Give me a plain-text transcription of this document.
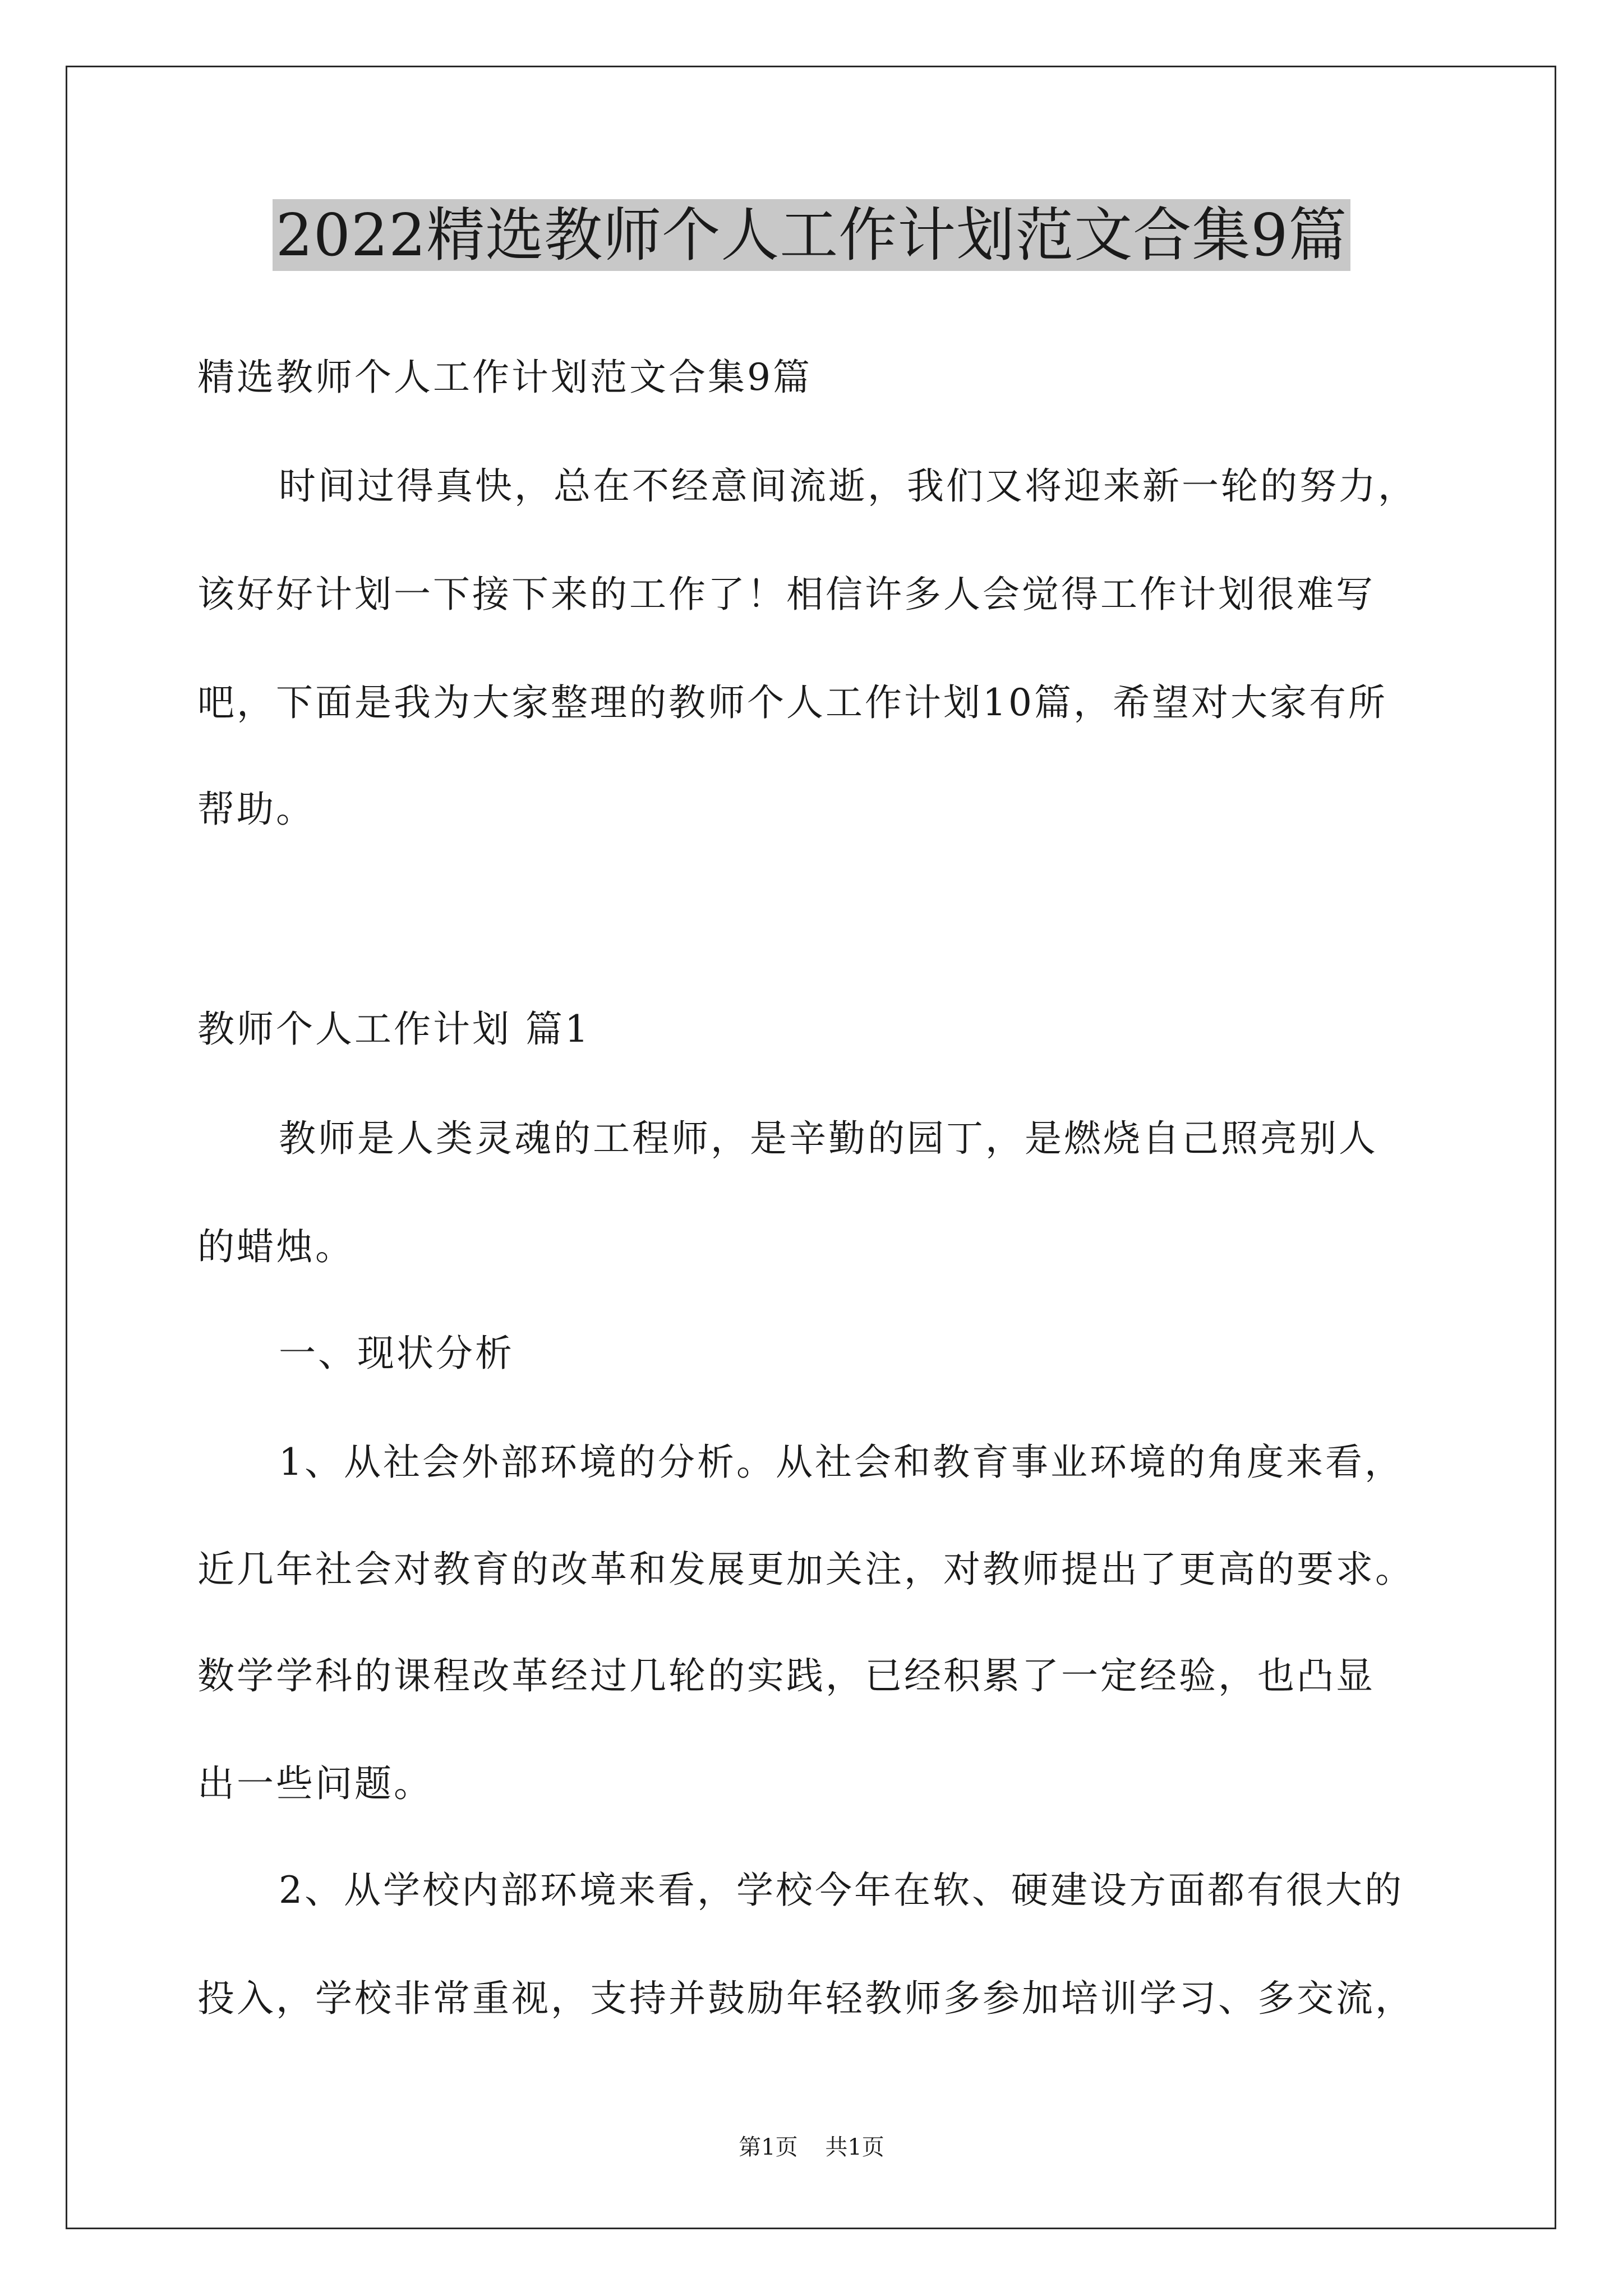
2022精选教师个人工作计划范文合集9篇
精选教师个人工作计划范文合集9篇
时间过得真快，总在不经意间流逝，我们又将迎来新一轮的努力，
该好好计划一下接下来的工作了！相信许多人会觉得工作计划很难写
吧，下面是我为大家整理的教师个人工作计划10篇，希望对大家有所
帮助。
教师个人工作计划 篇1
教师是人类灵魂的工程师，是辛勤的园丁，是燃烧自己照亮别人
的蜡烛。
一、现状分析
1、从社会外部环境的分析。从社会和教育事业环境的角度来看，
近几年社会对教育的改革和发展更加关注，对教师提出了更高的要求。
数学学科的课程改革经过几轮的实践，已经积累了一定经验，也凸显
出一些问题。
2、从学校内部环境来看，学校今年在软、硬建设方面都有很大的
投入，学校非常重视，支持并鼓励年轻教师多参加培训学习、多交流，
第1页 共1页
